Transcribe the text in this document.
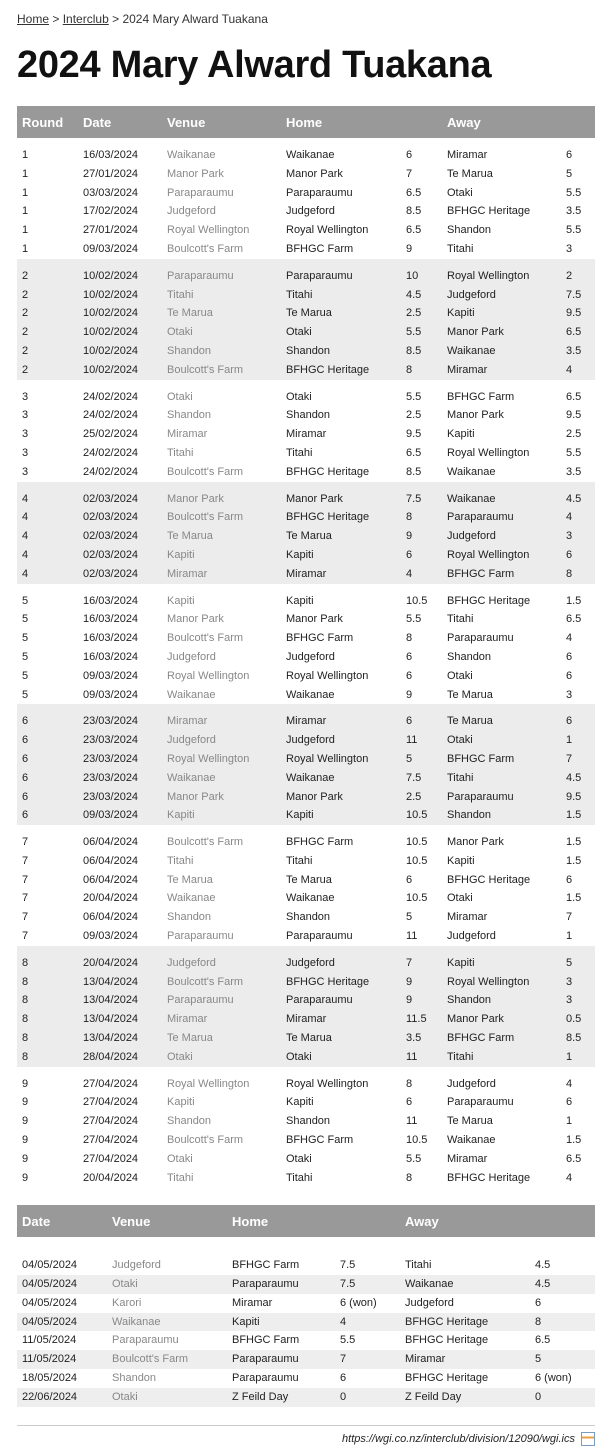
Home > Interclub > 2024 Mary Alward Tuakana
2024 Mary Alward Tuakana
Round	Date	Venue	Home		Away	

1	16/03/2024	Waikanae	Waikanae	6	Miramar	6
1	27/01/2024	Manor Park	Manor Park	7	Te Marua	5
1	03/03/2024	Paraparaumu	Paraparaumu	6.5	Otaki	5.5
1	17/02/2024	Judgeford	Judgeford	8.5	BFHGC Heritage	3.5
1	27/01/2024	Royal Wellington	Royal Wellington	6.5	Shandon	5.5
1	09/03/2024	Boulcott's Farm	BFHGC Farm	9	Titahi	3

2	10/02/2024	Paraparaumu	Paraparaumu	10	Royal Wellington	2
2	10/02/2024	Titahi	Titahi	4.5	Judgeford	7.5
2	10/02/2024	Te Marua	Te Marua	2.5	Kapiti	9.5
2	10/02/2024	Otaki	Otaki	5.5	Manor Park	6.5
2	10/02/2024	Shandon	Shandon	8.5	Waikanae	3.5
2	10/02/2024	Boulcott's Farm	BFHGC Heritage	8	Miramar	4

3	24/02/2024	Otaki	Otaki	5.5	BFHGC Farm	6.5
3	24/02/2024	Shandon	Shandon	2.5	Manor Park	9.5
3	25/02/2024	Miramar	Miramar	9.5	Kapiti	2.5
3	24/02/2024	Titahi	Titahi	6.5	Royal Wellington	5.5
3	24/02/2024	Boulcott's Farm	BFHGC Heritage	8.5	Waikanae	3.5

4	02/03/2024	Manor Park	Manor Park	7.5	Waikanae	4.5
4	02/03/2024	Boulcott's Farm	BFHGC Heritage	8	Paraparaumu	4
4	02/03/2024	Te Marua	Te Marua	9	Judgeford	3
4	02/03/2024	Kapiti	Kapiti	6	Royal Wellington	6
4	02/03/2024	Miramar	Miramar	4	BFHGC Farm	8

5	16/03/2024	Kapiti	Kapiti	10.5	BFHGC Heritage	1.5
5	16/03/2024	Manor Park	Manor Park	5.5	Titahi	6.5
5	16/03/2024	Boulcott's Farm	BFHGC Farm	8	Paraparaumu	4
5	16/03/2024	Judgeford	Judgeford	6	Shandon	6
5	09/03/2024	Royal Wellington	Royal Wellington	6	Otaki	6
5	09/03/2024	Waikanae	Waikanae	9	Te Marua	3

6	23/03/2024	Miramar	Miramar	6	Te Marua	6
6	23/03/2024	Judgeford	Judgeford	11	Otaki	1
6	23/03/2024	Royal Wellington	Royal Wellington	5	BFHGC Farm	7
6	23/03/2024	Waikanae	Waikanae	7.5	Titahi	4.5
6	23/03/2024	Manor Park	Manor Park	2.5	Paraparaumu	9.5
6	09/03/2024	Kapiti	Kapiti	10.5	Shandon	1.5

7	06/04/2024	Boulcott's Farm	BFHGC Farm	10.5	Manor Park	1.5
7	06/04/2024	Titahi	Titahi	10.5	Kapiti	1.5
7	06/04/2024	Te Marua	Te Marua	6	BFHGC Heritage	6
7	20/04/2024	Waikanae	Waikanae	10.5	Otaki	1.5
7	06/04/2024	Shandon	Shandon	5	Miramar	7
7	09/03/2024	Paraparaumu	Paraparaumu	11	Judgeford	1

8	20/04/2024	Judgeford	Judgeford	7	Kapiti	5
8	13/04/2024	Boulcott's Farm	BFHGC Heritage	9	Royal Wellington	3
8	13/04/2024	Paraparaumu	Paraparaumu	9	Shandon	3
8	13/04/2024	Miramar	Miramar	11.5	Manor Park	0.5
8	13/04/2024	Te Marua	Te Marua	3.5	BFHGC Farm	8.5
8	28/04/2024	Otaki	Otaki	11	Titahi	1

9	27/04/2024	Royal Wellington	Royal Wellington	8	Judgeford	4
9	27/04/2024	Kapiti	Kapiti	6	Paraparaumu	6
9	27/04/2024	Shandon	Shandon	11	Te Marua	1
9	27/04/2024	Boulcott's Farm	BFHGC Farm	10.5	Waikanae	1.5
9	27/04/2024	Otaki	Otaki	5.5	Miramar	6.5
9	20/04/2024	Titahi	Titahi	8	BFHGC Heritage	4

Date	Venue	Home		Away	

04/05/2024	Judgeford	BFHGC Farm	7.5	Titahi	4.5
04/05/2024	Otaki	Paraparaumu	7.5	Waikanae	4.5
04/05/2024	Karori	Miramar	6 (won)	Judgeford	6
04/05/2024	Waikanae	Kapiti	4	BFHGC Heritage	8
11/05/2024	Paraparaumu	BFHGC Farm	5.5	BFHGC Heritage	6.5
11/05/2024	Boulcott's Farm	Paraparaumu	7	Miramar	5
18/05/2024	Shandon	Paraparaumu	6	BFHGC Heritage	6 (won)
22/06/2024	Otaki	Z Feild Day	0	Z Feild Day	0

https://wgi.co.nz/interclub/division/12090/wgi.ics
